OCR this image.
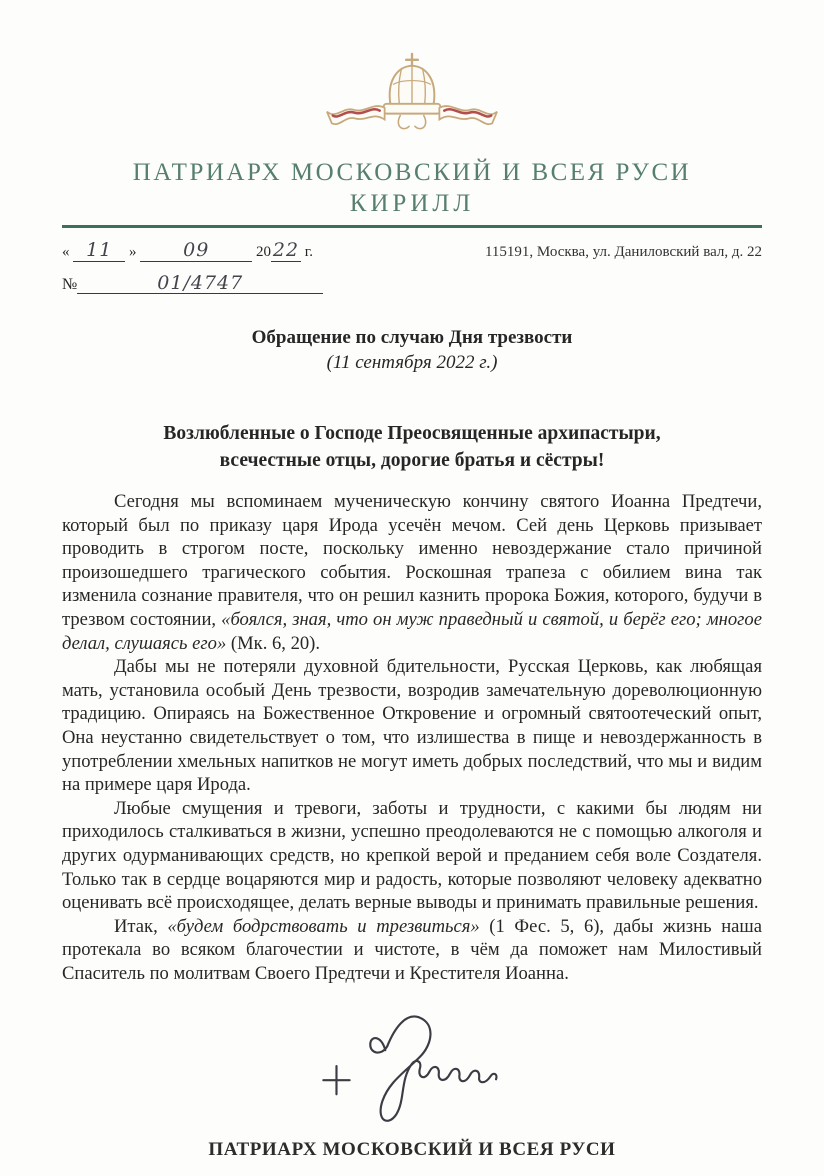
ПАТРИАРХ МОСКОВСКИЙ И ВСЕЯ РУСИ
КИРИЛЛ
« 11 » 09	20 22 г.	115191, Москва, ул. Даниловский вал, д. 22
№	01/4747
Обращение по случаю Дня трезвости
(11 сентября 2022 г.)
Возлюбленные о Господе Преосвященные архипастыри,
всечестные отцы, дорогие братья и сёстры!

Сегодня мы вспоминаем мученическую кончину святого Иоанна Предтечи, который был по приказу царя Ирода усечён мечом. Сей день Церковь призывает проводить в строгом посте, поскольку именно невоздержание стало причиной произошедшего трагического события. Роскошная трапеза с обилием вина так изменила сознание правителя, что он решил казнить пророка Божия, которого, будучи в трезвом состоянии, «боялся, зная, что он муж праведный и святой, и берёг его; многое делал, слушаясь его» (Мк. 6, 20).

Дабы мы не потеряли духовной бдительности, Русская Церковь, как любящая мать, установила особый День трезвости, возродив замечательную дореволюционную традицию. Опираясь на Божественное Откровение и огромный святоотеческий опыт, Она неустанно свидетельствует о том, что излишества в пище и невоздержанность в употреблении хмельных напитков не могут иметь добрых последствий, что мы и видим на примере царя Ирода.

Любые смущения и тревоги, заботы и трудности, с какими бы людям ни приходилось сталкиваться в жизни, успешно преодолеваются не с помощью алкоголя и других одурманивающих средств, но крепкой верой и преданием себя воле Создателя. Только так в сердце воцаряются мир и радость, которые позволяют человеку адекватно оценивать всё происходящее, делать верные выводы и принимать правильные решения.

Итак, «будем бодрствовать и трезвиться» (1 Фес. 5, 6), дабы жизнь наша протекала во всяком благочестии и чистоте, в чём да поможет нам Милостивый Спаситель по молитвам Своего Предтечи и Крестителя Иоанна.

ПАТРИАРХ МОСКОВСКИЙ И ВСЕЯ РУСИ
